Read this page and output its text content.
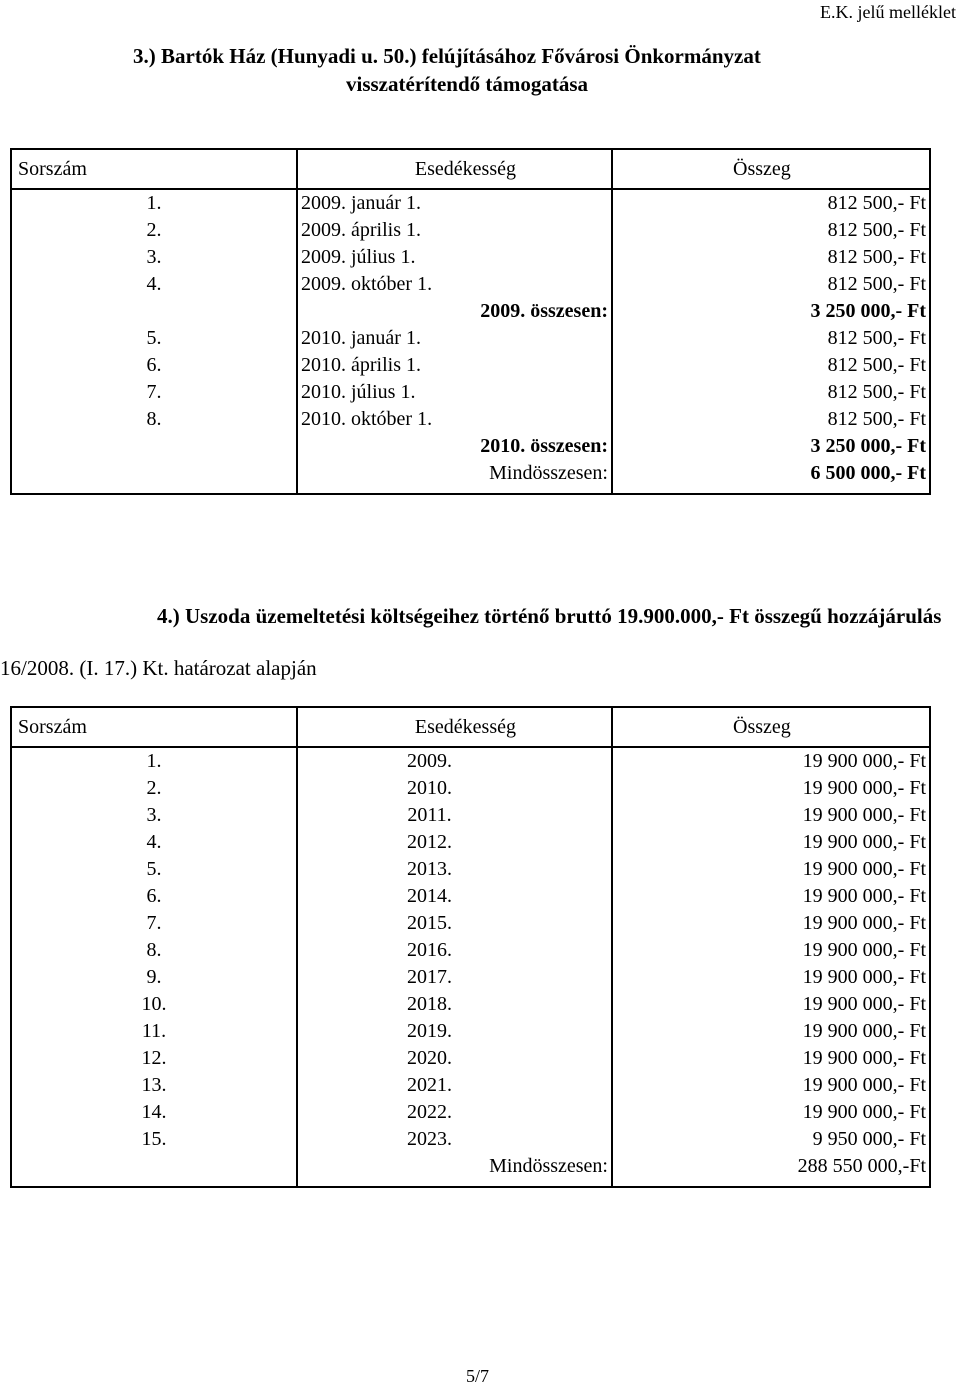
E.K. jelű melléklet
3.) Bartók Ház (Hunyadi u. 50.) felújításához Fővárosi Önkormányzat
visszatérítendő támogatása
Sorszám	Esedékesség	Összeg
1.	2009. január 1.	812 500,- Ft
2.	2009. április 1.	812 500,- Ft
3.	2009. július 1.	812 500,- Ft
4.	2009. október 1.	812 500,- Ft
	2009. összesen:	3 250 000,- Ft
5.	2010. január 1.	812 500,- Ft
6.	2010. április 1.	812 500,- Ft
7.	2010. július 1.	812 500,- Ft
8.	2010. október 1.	812 500,- Ft
	2010. összesen:	3 250 000,- Ft
	Mindösszesen:	6 500 000,- Ft
4.) Uszoda üzemeltetési költségeihez történő bruttó 19.900.000,- Ft összegű hozzájárulás
16/2008. (I. 17.) Kt. határozat alapján
Sorszám	Esedékesség	Összeg
1.	2009.	19 900 000,- Ft
2.	2010.	19 900 000,- Ft
3.	2011.	19 900 000,- Ft
4.	2012.	19 900 000,- Ft
5.	2013.	19 900 000,- Ft
6.	2014.	19 900 000,- Ft
7.	2015.	19 900 000,- Ft
8.	2016.	19 900 000,- Ft
9.	2017.	19 900 000,- Ft
10.	2018.	19 900 000,- Ft
11.	2019.	19 900 000,- Ft
12.	2020.	19 900 000,- Ft
13.	2021.	19 900 000,- Ft
14.	2022.	19 900 000,- Ft
15.	2023.	9 950 000,- Ft
	Mindösszesen:	288 550 000,-Ft
5/7
